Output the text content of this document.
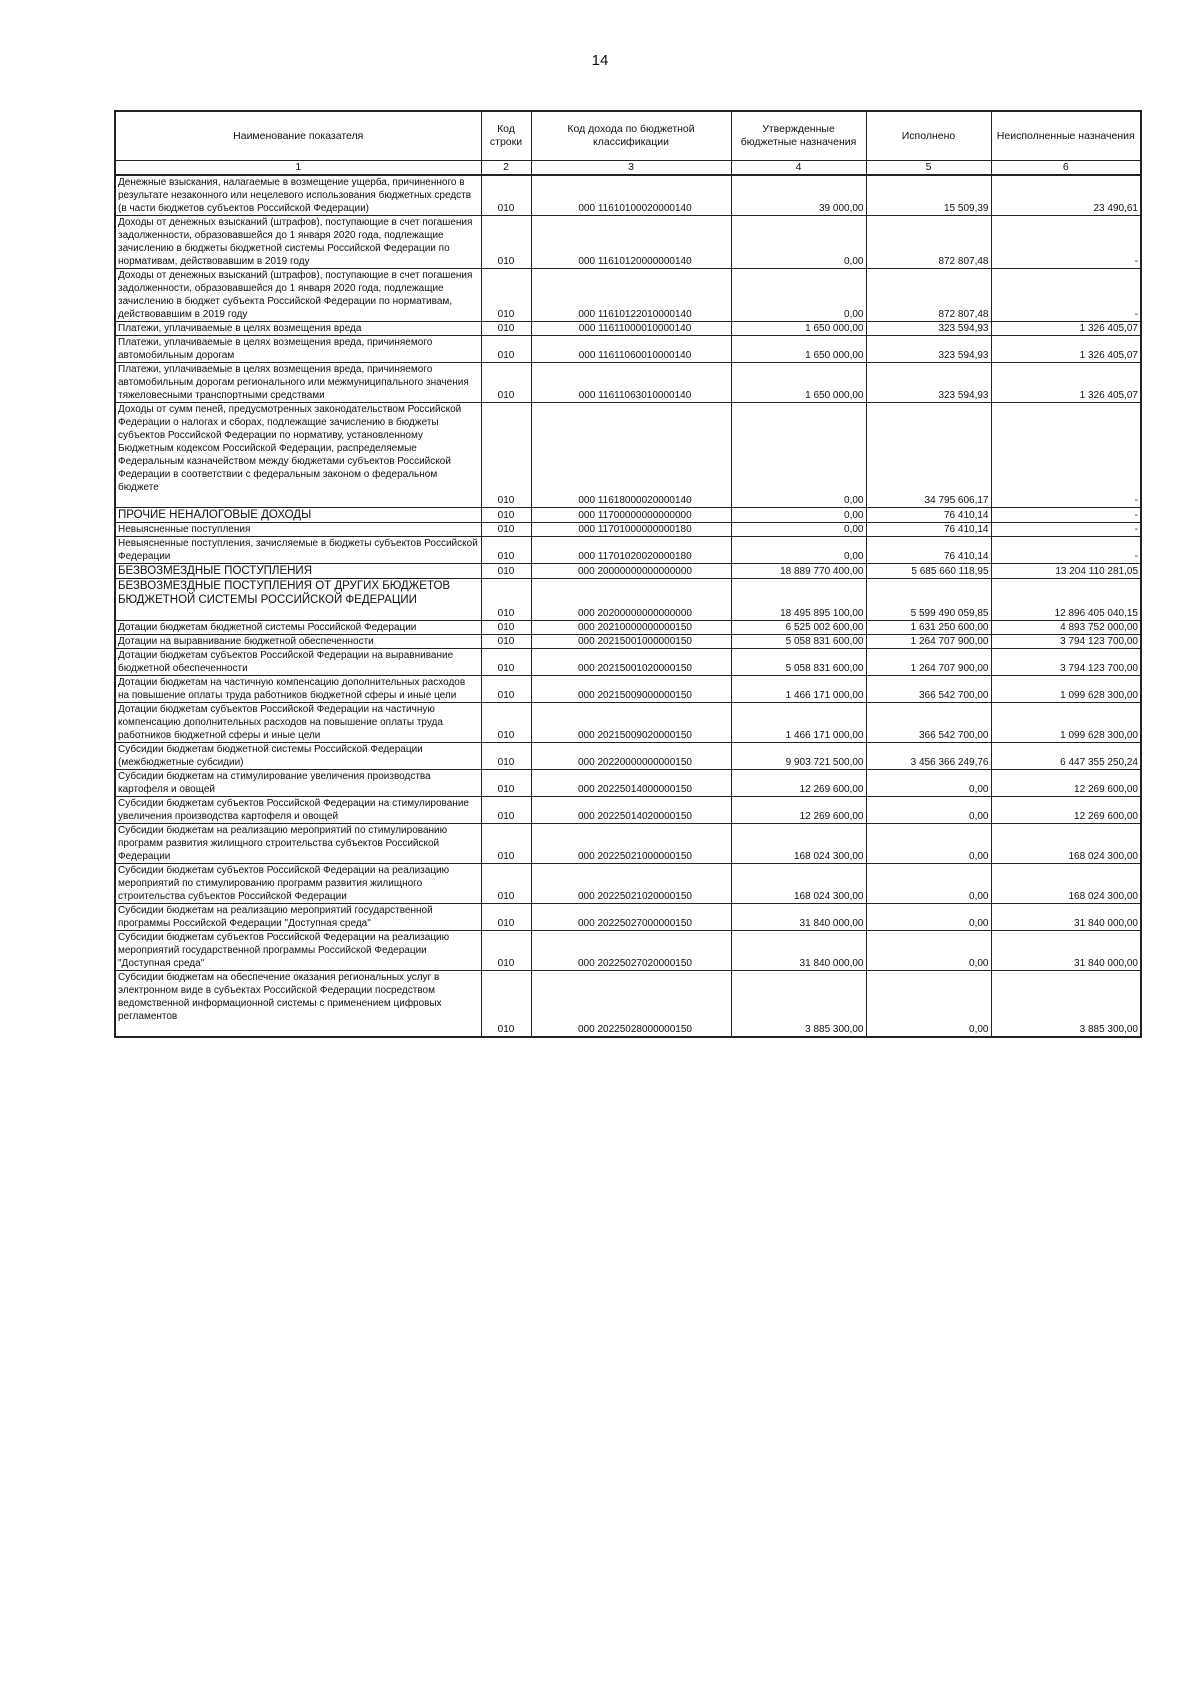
14
Наименование показателя	Код строки	Код дохода по бюджетной классификации	Утвержденные бюджетные назначения	Исполнено	Неисполненные назначения
1	2	3	4	5	6
Денежные взыскания, налагаемые в возмещение ущерба, причиненного в результате незаконного или нецелевого использования бюджетных средств (в части бюджетов субъектов Российской Федерации)	010	000 11610100020000140	39 000,00	15 509,39	23 490,61
Доходы от денежных взысканий (штрафов), поступающие в счет погашения задолженности, образовавшейся до 1 января 2020 года, подлежащие зачислению в бюджеты бюджетной системы Российской Федерации по нормативам, действовавшим в 2019 году	010	000 11610120000000140	0,00	872 807,48	-
Доходы от денежных взысканий (штрафов), поступающие в счет погашения задолженности, образовавшейся до 1 января 2020 года, подлежащие зачислению в бюджет субъекта Российской Федерации по нормативам, действовавшим в 2019 году	010	000 11610122010000140	0,00	872 807,48	-
Платежи, уплачиваемые в целях возмещения вреда	010	000 11611000010000140	1 650 000,00	323 594,93	1 326 405,07
Платежи, уплачиваемые в целях возмещения вреда, причиняемого автомобильным дорогам	010	000 11611060010000140	1 650 000,00	323 594,93	1 326 405,07
Платежи, уплачиваемые в целях возмещения вреда, причиняемого автомобильным дорогам регионального или межмуниципального значения тяжеловесными транспортными средствами	010	000 11611063010000140	1 650 000,00	323 594,93	1 326 405,07
Доходы от сумм пеней, предусмотренных законодательством Российской Федерации о налогах и сборах, подлежащие зачислению в бюджеты субъектов Российской Федерации по нормативу, установленному Бюджетным кодексом Российской Федерации, распределяемые Федеральным казначейством между бюджетами субъектов Российской Федерации в соответствии с федеральным законом о федеральном бюджете	010	000 11618000020000140	0,00	34 795 606,17	-
ПРОЧИЕ НЕНАЛОГОВЫЕ ДОХОДЫ	010	000 11700000000000000	0,00	76 410,14	-
Невыясненные поступления	010	000 11701000000000180	0,00	76 410,14	-
Невыясненные поступления, зачисляемые в бюджеты субъектов Российской Федерации	010	000 11701020020000180	0,00	76 410,14	-
БЕЗВОЗМЕЗДНЫЕ ПОСТУПЛЕНИЯ	010	000 20000000000000000	18 889 770 400,00	5 685 660 118,95	13 204 110 281,05
БЕЗВОЗМЕЗДНЫЕ ПОСТУПЛЕНИЯ ОТ ДРУГИХ БЮДЖЕТОВ БЮДЖЕТНОЙ СИСТЕМЫ РОССИЙСКОЙ ФЕДЕРАЦИИ	010	000 20200000000000000	18 495 895 100,00	5 599 490 059,85	12 896 405 040,15
Дотации бюджетам бюджетной системы Российской Федерации	010	000 20210000000000150	6 525 002 600,00	1 631 250 600,00	4 893 752 000,00
Дотации на выравнивание бюджетной обеспеченности	010	000 20215001000000150	5 058 831 600,00	1 264 707 900,00	3 794 123 700,00
Дотации бюджетам субъектов Российской Федерации на выравнивание бюджетной обеспеченности	010	000 20215001020000150	5 058 831 600,00	1 264 707 900,00	3 794 123 700,00
Дотации бюджетам на частичную компенсацию дополнительных расходов на повышение оплаты труда работников бюджетной сферы и иные цели	010	000 20215009000000150	1 466 171 000,00	366 542 700,00	1 099 628 300,00
Дотации бюджетам субъектов Российской Федерации на частичную компенсацию дополнительных расходов на повышение оплаты труда работников бюджетной сферы и иные цели	010	000 20215009020000150	1 466 171 000,00	366 542 700,00	1 099 628 300,00
Субсидии бюджетам бюджетной системы Российской Федерации (межбюджетные субсидии)	010	000 20220000000000150	9 903 721 500,00	3 456 366 249,76	6 447 355 250,24
Субсидии бюджетам на стимулирование увеличения производства картофеля и овощей	010	000 20225014000000150	12 269 600,00	0,00	12 269 600,00
Субсидии бюджетам субъектов Российской Федерации на стимулирование увеличения производства картофеля и овощей	010	000 20225014020000150	12 269 600,00	0,00	12 269 600,00
Субсидии бюджетам на реализацию мероприятий по стимулированию программ развития жилищного строительства субъектов Российской Федерации	010	000 20225021000000150	168 024 300,00	0,00	168 024 300,00
Субсидии бюджетам субъектов Российской Федерации на реализацию мероприятий по стимулированию программ развития жилищного строительства субъектов Российской Федерации	010	000 20225021020000150	168 024 300,00	0,00	168 024 300,00
Субсидии бюджетам на реализацию мероприятий государственной программы Российской Федерации "Доступная среда"	010	000 20225027000000150	31 840 000,00	0,00	31 840 000,00
Субсидии бюджетам субъектов Российской Федерации на реализацию мероприятий государственной программы Российской Федерации "Доступная среда"	010	000 20225027020000150	31 840 000,00	0,00	31 840 000,00
Субсидии бюджетам на обеспечение оказания региональных услуг в электронном виде в субъектах Российской Федерации посредством ведомственной информационной системы с применением цифровых регламентов	010	000 20225028000000150	3 885 300,00	0,00	3 885 300,00
